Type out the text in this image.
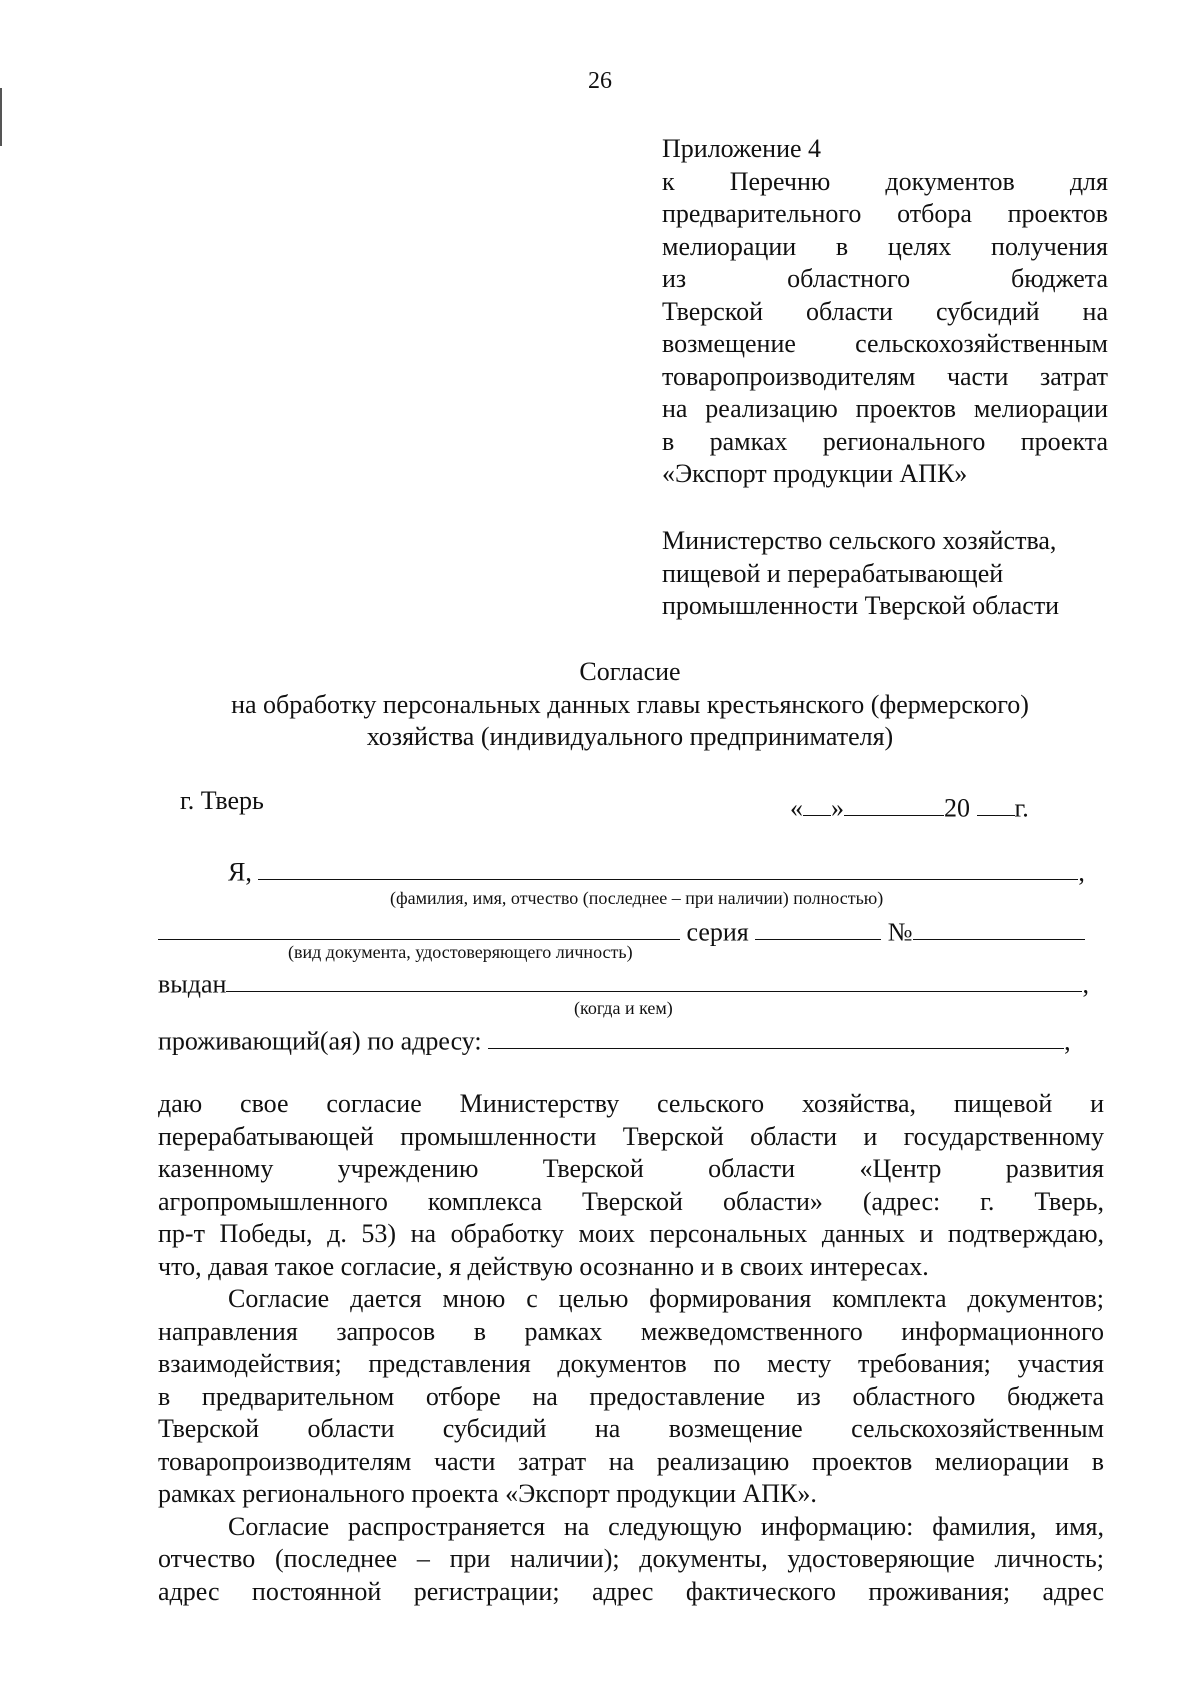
26
Приложение 4
к Перечню документов для
предварительного отбора проектов
мелиорации в целях получения
из областного бюджета
Тверской области субсидий на
возмещение сельскохозяйственным
товаропроизводителям части затрат
на реализацию проектов мелиорации
в рамках регионального проекта
«Экспорт продукции АПК»
Министерство сельского хозяйства,
пищевой и перерабатывающей
промышленности Тверской области
Согласие
на обработку персональных данных главы крестьянского (фермерского)
хозяйства (индивидуального предпринимателя)
г. Тверь	« »	20 г.
Я,	,
(фамилия, имя, отчество (последнее – при наличии) полностью)
серия	№
(вид документа, удостоверяющего личность)
выдан	,
(когда и кем)
проживающий(ая) по адресу:	,
даю свое согласие Министерству сельского хозяйства, пищевой и
перерабатывающей промышленности Тверской области и государственному
казенному учреждению Тверской области «Центр развития
агропромышленного комплекса Тверской области» (адрес: г. Тверь,
пр-т Победы, д. 53) на обработку моих персональных данных и подтверждаю,
что, давая такое согласие, я действую осознанно и в своих интересах.
Согласие дается мною с целью формирования комплекта документов;
направления запросов в рамках межведомственного информационного
взаимодействия; представления документов по месту требования; участия
в предварительном отборе на предоставление из областного бюджета
Тверской области субсидий на возмещение сельскохозяйственным
товаропроизводителям части затрат на реализацию проектов мелиорации в
рамках регионального проекта «Экспорт продукции АПК».
Согласие распространяется на следующую информацию: фамилия, имя,
отчество (последнее – при наличии); документы, удостоверяющие личность;
адрес постоянной регистрации; адрес фактического проживания; адрес
